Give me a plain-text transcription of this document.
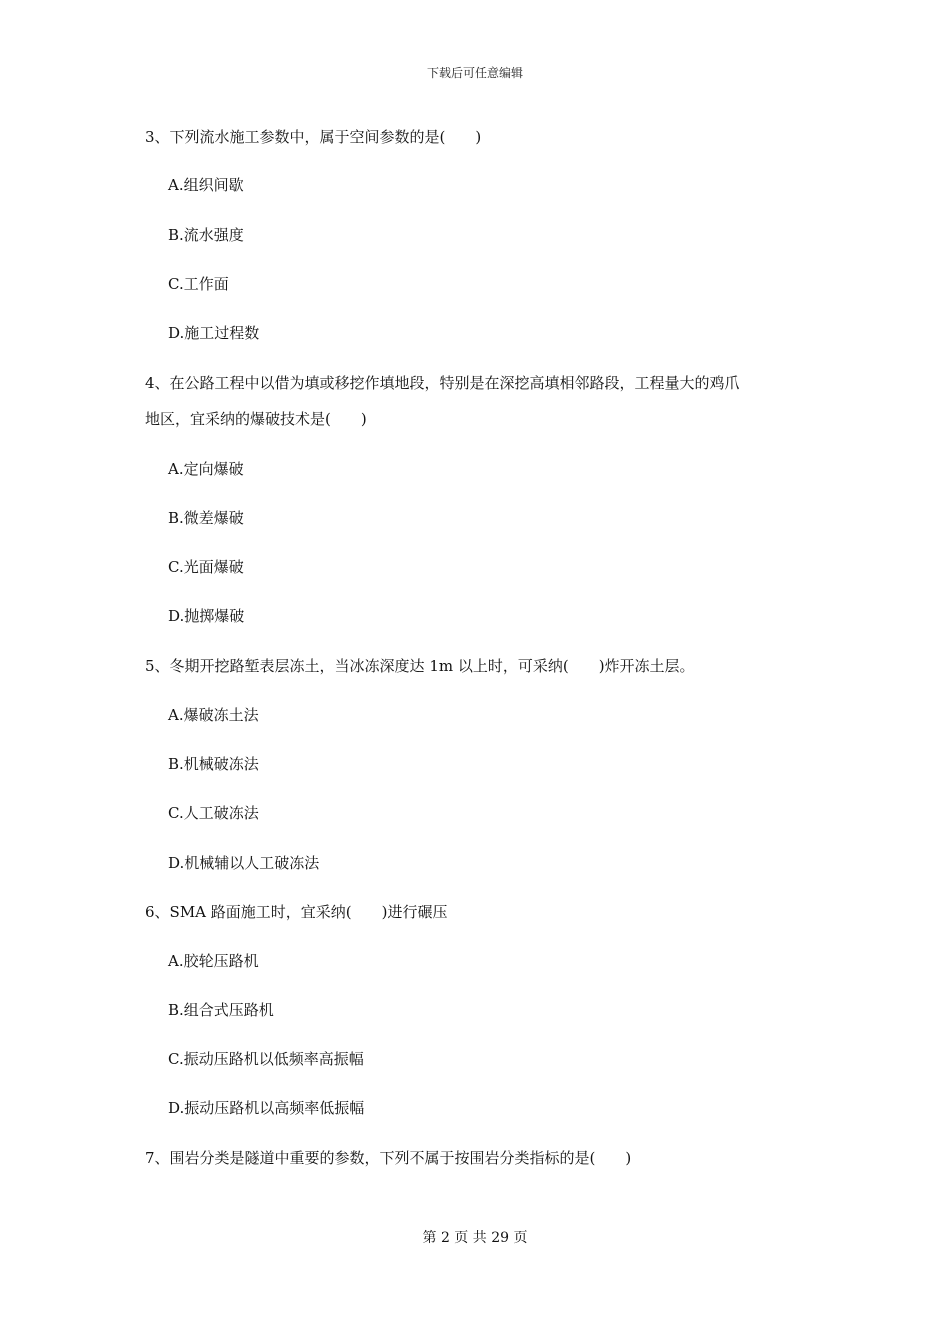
下载后可任意编辑
3、下列流水施工参数中，属于空间参数的是(　　)
A.组织间歇
B.流水强度
C.工作面
D.施工过程数
4、在公路工程中以借为填或移挖作填地段，特别是在深挖高填相邻路段，工程量大的鸡爪
地区，宜采纳的爆破技术是(　　)
A.定向爆破
B.微差爆破
C.光面爆破
D.抛掷爆破
5、冬期开挖路堑表层冻土，当冰冻深度达 1m 以上时，可采纳(　　)炸开冻土层。
A.爆破冻土法
B.机械破冻法
C.人工破冻法
D.机械辅以人工破冻法
6、SMA 路面施工时，宜采纳(　　)进行碾压
A.胶轮压路机
B.组合式压路机
C.振动压路机以低频率高振幅
D.振动压路机以高频率低振幅
7、围岩分类是隧道中重要的参数，下列不属于按围岩分类指标的是(　　)
第 2 页 共 29 页
